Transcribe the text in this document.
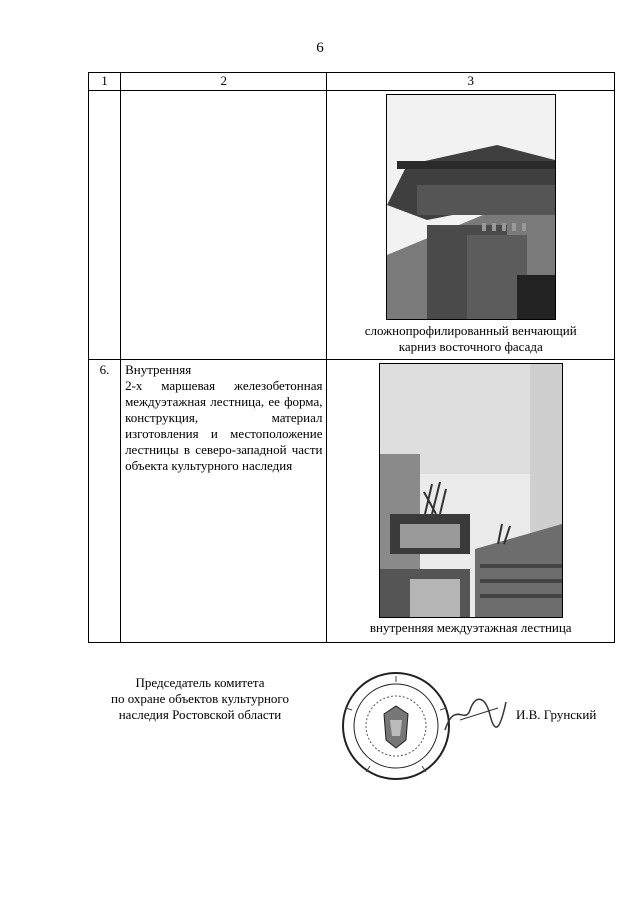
6
1	2	3

		сложнопрофилированный венчающий
карниз восточного фасада

6.	Внутренняя
2-х маршевая железобетонная междуэтажная лестница, ее форма, конструкция, материал изготовления и местоположение лестницы в северо-западной части объекта культурного наследия	внутренняя междуэтажная лестница
Председатель комитета
по охране объектов культурного
наследия Ростовской области	И.В. Грунский
